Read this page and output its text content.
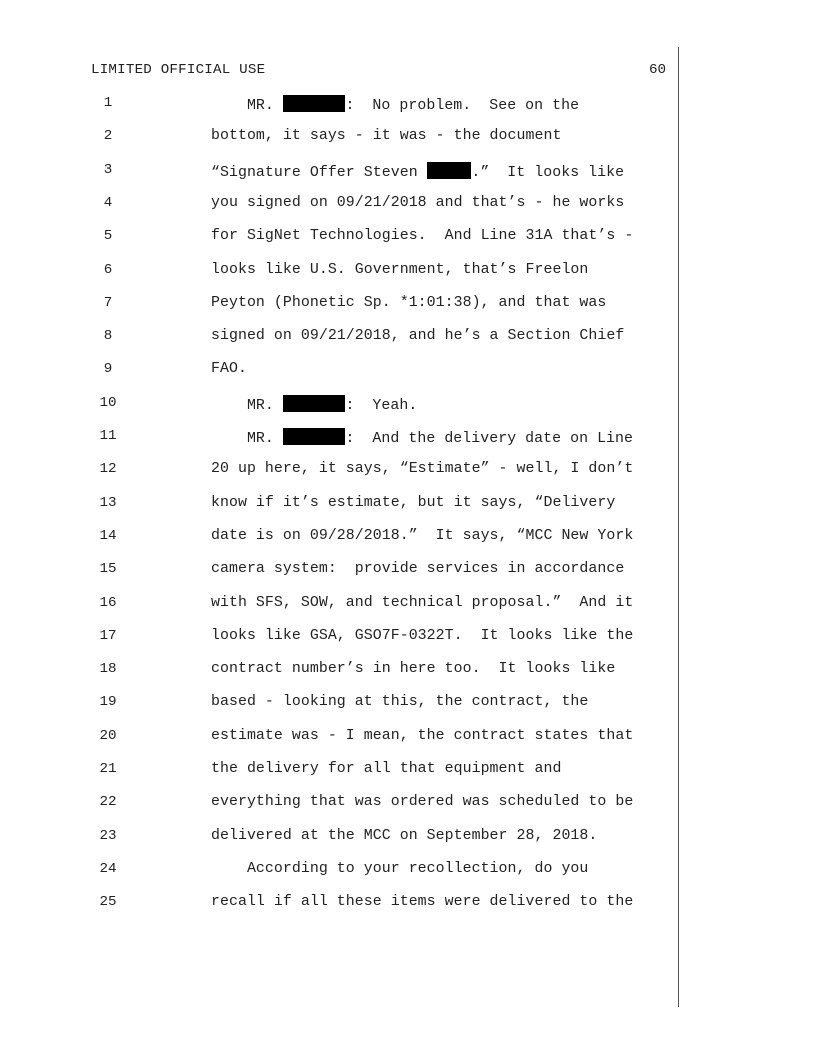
LIMITED OFFICIAL USE	60
1	MR.	:  No problem.  See on the
2	bottom, it says - it was - the document
3	“Signature Offer Steven	.”  It looks like
4	you signed on 09/21/2018 and that’s - he works
5	for SigNet Technologies.  And Line 31A that’s -
6	looks like U.S. Government, that’s Freelon
7	Peyton (Phonetic Sp. *1:01:38), and that was
8	signed on 09/21/2018, and he’s a Section Chief
9	FAO.
10	MR.	:  Yeah.
11	MR.	:  And the delivery date on Line
12	20 up here, it says, “Estimate” - well, I don’t
13	know if it’s estimate, but it says, “Delivery
14	date is on 09/28/2018.”  It says, “MCC New York
15	camera system:  provide services in accordance
16	with SFS, SOW, and technical proposal.”  And it
17	looks like GSA, GSO7F-0322T.  It looks like the
18	contract number’s in here too.  It looks like
19	based - looking at this, the contract, the
20	estimate was - I mean, the contract states that
21	the delivery for all that equipment and
22	everything that was ordered was scheduled to be
23	delivered at the MCC on September 28, 2018.
24	According to your recollection, do you
25	recall if all these items were delivered to the
